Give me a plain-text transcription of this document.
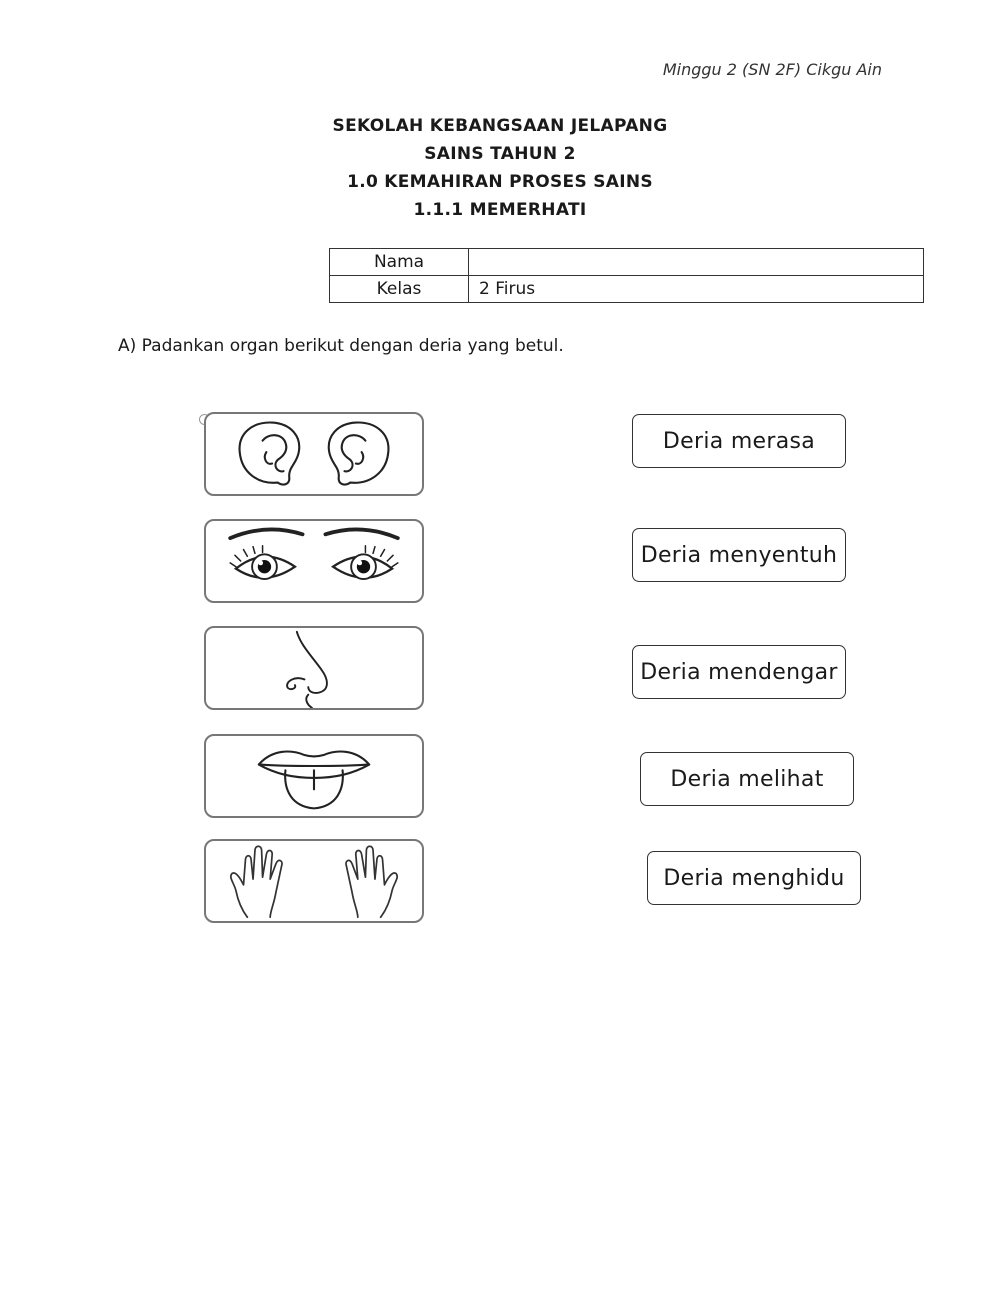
Minggu 2 (SN 2F) Cikgu Ain
SEKOLAH KEBANGSAAN JELAPANG
SAINS TAHUN 2
1.0 KEMAHIRAN PROSES SAINS
1.1.1 MEMERHATI
Nama	
Kelas	2 Firus
A) Padankan organ berikut dengan deria yang betul.
Deria merasa
Deria menyentuh
Deria mendengar
Deria melihat
Deria menghidu
